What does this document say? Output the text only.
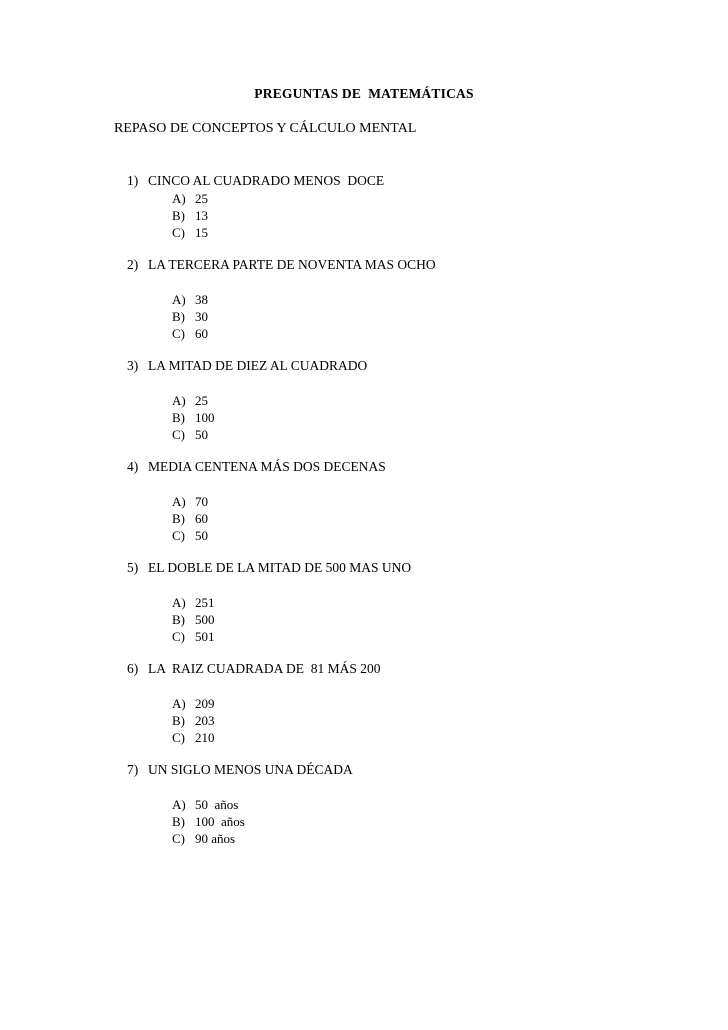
PREGUNTAS DE  MATEMÁTICAS
REPASO DE CONCEPTOS Y CÁLCULO MENTAL
1) CINCO AL CUADRADO MENOS  DOCE
A) 25
B) 13
C) 15
2) LA TERCERA PARTE DE NOVENTA MAS OCHO
A) 38
B) 30
C) 60
3) LA MITAD DE DIEZ AL CUADRADO
A) 25
B) 100
C) 50
4) MEDIA CENTENA MÁS DOS DECENAS
A) 70
B) 60
C) 50
5) EL DOBLE DE LA MITAD DE 500 MAS UNO
A) 251
B) 500
C) 501
6) LA  RAIZ CUADRADA DE  81 MÁS 200
A) 209
B) 203
C) 210
7) UN SIGLO MENOS UNA DÉCADA
A) 50  años
B) 100  años
C) 90 años
